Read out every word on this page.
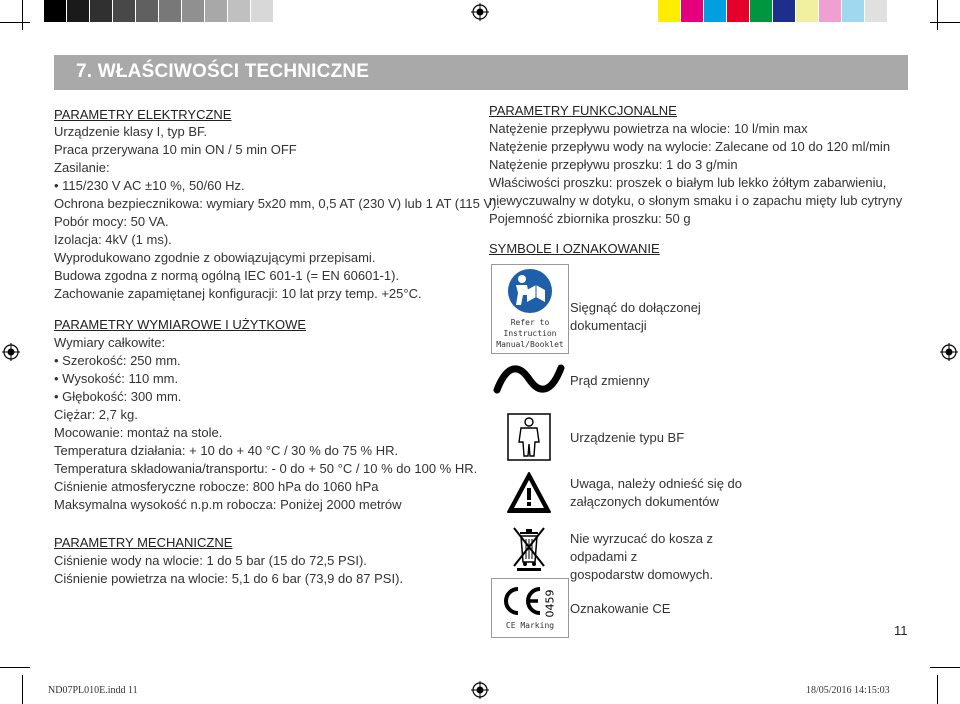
7. WŁAŚCIWOŚCI TECHNICZNE
PARAMETRY ELEKTRYCZNE
Urządzenie klasy I, typ BF.
Praca przerywana 10 min ON / 5 min OFF
Zasilanie:
• 115/230 V AC ±10 %, 50/60 Hz.
Ochrona bezpiecznikowa: wymiary 5x20 mm, 0,5 AT (230 V) lub 1 AT (115 V).
Pobór mocy: 50 VA.
Izolacja: 4kV (1 ms).
Wyprodukowano zgodnie z obowiązującymi przepisami.
Budowa zgodna z normą ogólną IEC 601-1 (= EN 60601-1).
Zachowanie zapamiętanej konfiguracji: 10 lat przy temp. +25°C.
PARAMETRY WYMIAROWE I UŻYTKOWE
Wymiary całkowite:
• Szerokość: 250 mm.
• Wysokość: 110 mm.
• Głębokość: 300 mm.
Ciężar: 2,7 kg.
Mocowanie: montaż na stole.
Temperatura działania: + 10 do + 40 °C / 30 % do 75 % HR.
Temperatura składowania/transportu: - 0 do + 50 °C / 10 % do 100 % HR.
Ciśnienie atmosferyczne robocze: 800 hPa do 1060 hPa
Maksymalna wysokość n.p.m robocza: Poniżej 2000 metrów
PARAMETRY MECHANICZNE
Ciśnienie wody na wlocie: 1 do 5 bar (15 do 72,5 PSI).
Ciśnienie powietrza na wlocie: 5,1 do 6 bar (73,9 do 87 PSI).
PARAMETRY FUNKCJONALNE
Natężenie przepływu powietrza na wlocie: 10 l/min max
Natężenie przepływu wody na wylocie: Zalecane od 10 do 120 ml/min
Natężenie przepływu proszku: 1 do 3 g/min
Właściwości proszku: proszek o białym lub lekko żółtym zabarwieniu,
niewyczuwalny w dotyku, o słonym smaku i o zapachu mięty lub cytryny
Pojemność zbiornika proszku: 50 g
SYMBOLE I OZNAKOWANIE
Refer to
Instruction
Manual/Booklet
Sięgnąć do dołączonej dokumentacji
Prąd zmienny
Urządzenie typu BF
Uwaga, należy odnieść się do
załączonych dokumentów
Nie wyrzucać do kosza z odpadami z
gospodarstw domowych.
0459
CE Marking
Oznakowanie CE
11
ND07PL010E.indd 11	18/05/2016 14:15:03
